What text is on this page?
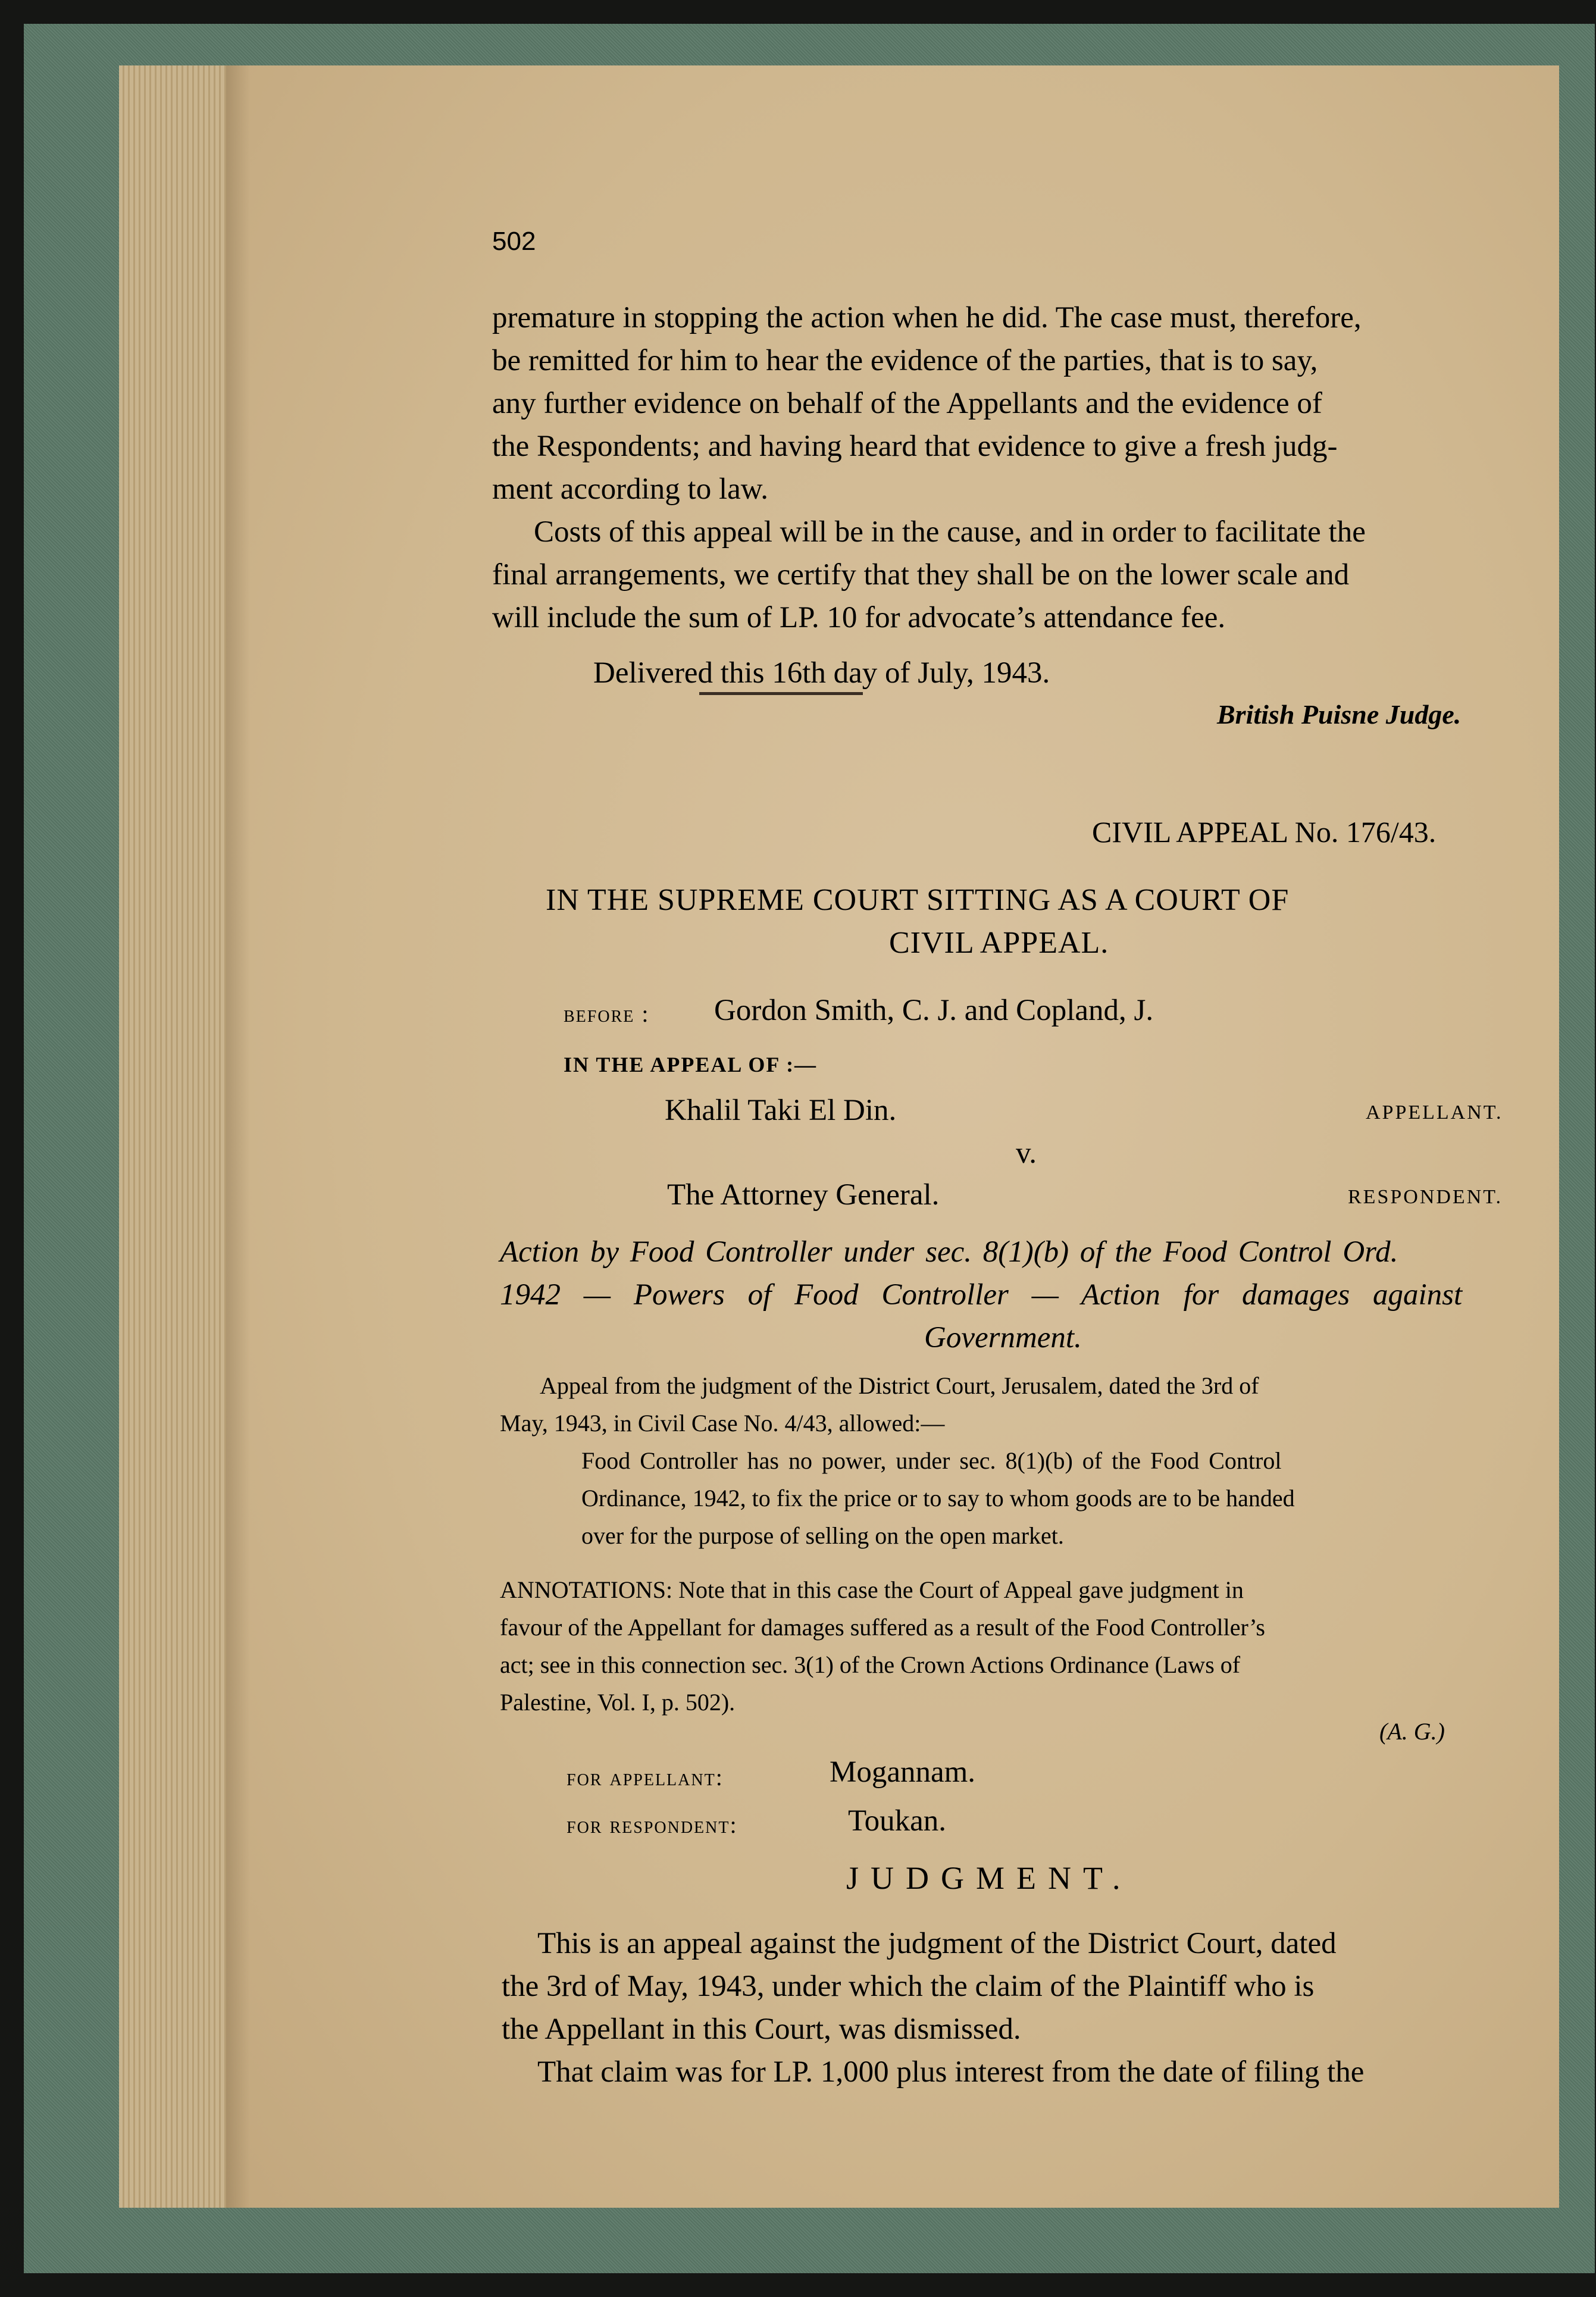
502

premature in stopping the action when he did. The case must, therefore,

be remitted for him to hear the evidence of the parties, that is to say,

any further evidence on behalf of the Appellants and the evidence of

the Respondents; and having heard that evidence to give a fresh judg-

ment according to law.

Costs of this appeal will be in the cause, and in order to facilitate the

final arrangements, we certify that they shall be on the lower scale and

will include the sum of LP. 10 for advocate’s attendance fee.

Delivered this 16th day of July, 1943.

British Puisne Judge.

CIVIL APPEAL No. 176/43.

IN THE SUPREME COURT SITTING AS A COURT OF

CIVIL APPEAL.

before : Gordon Smith, C. J. and Copland, J.

IN THE APPEAL OF :—

Khalil Taki El Din.	APPELLANT.

v.

The Attorney General.	RESPONDENT.

Action by Food Controller under sec. 8(1)(b) of the Food Control Ord.

1942 — Powers of Food Controller — Action for damages against

Government.

Appeal from the judgment of the District Court, Jerusalem, dated the 3rd of

May, 1943, in Civil Case No. 4/43, allowed:—

Food Controller has no power, under sec. 8(1)(b) of the Food Control

Ordinance, 1942, to fix the price or to say to whom goods are to be handed

over for the purpose of selling on the open market.

ANNOTATIONS: Note that in this case the Court of Appeal gave judgment in

favour of the Appellant for damages suffered as a result of the Food Controller’s

act; see in this connection sec. 3(1) of the Crown Actions Ordinance (Laws of

Palestine, Vol. I, p. 502).

(A. G.)

for appellant:	Mogannam.

for respondent:	Toukan.

JUDGMENT.

This is an appeal against the judgment of the District Court, dated

the 3rd of May, 1943, under which the claim of the Plaintiff who is

the Appellant in this Court, was dismissed.

That claim was for LP. 1,000 plus interest from the date of filing the
